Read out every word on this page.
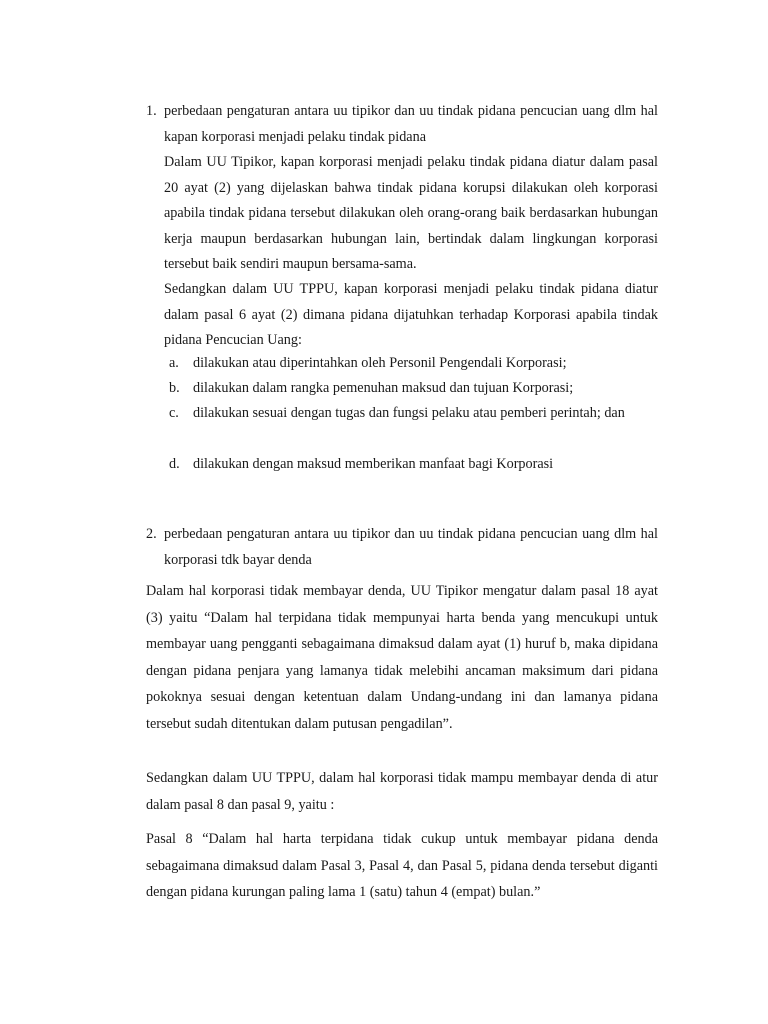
1. perbedaan pengaturan antara uu tipikor dan uu tindak pidana pencucian uang dlm hal kapan korporasi menjadi pelaku tindak pidana
Dalam UU Tipikor, kapan korporasi menjadi pelaku tindak pidana diatur dalam pasal 20 ayat (2) yang dijelaskan bahwa tindak pidana korupsi dilakukan oleh korporasi apabila tindak pidana tersebut dilakukan oleh orang-orang baik berdasarkan hubungan kerja maupun berdasarkan hubungan lain, bertindak dalam lingkungan korporasi tersebut baik sendiri maupun bersama-sama.
Sedangkan dalam UU TPPU, kapan korporasi menjadi pelaku tindak pidana diatur dalam pasal 6 ayat (2) dimana pidana dijatuhkan terhadap Korporasi apabila tindak pidana Pencucian Uang:
a. dilakukan atau diperintahkan oleh Personil Pengendali Korporasi;
b. dilakukan dalam rangka pemenuhan maksud dan tujuan Korporasi;
c. dilakukan sesuai dengan tugas dan fungsi pelaku atau pemberi perintah; dan
d. dilakukan dengan maksud memberikan manfaat bagi Korporasi
2. perbedaan pengaturan antara uu tipikor dan uu tindak pidana pencucian uang dlm hal korporasi tdk bayar denda
Dalam hal korporasi tidak membayar denda, UU Tipikor mengatur dalam pasal 18 ayat (3) yaitu “Dalam hal terpidana tidak mempunyai harta benda yang mencukupi untuk membayar uang pengganti sebagaimana dimaksud dalam ayat (1) huruf b, maka dipidana dengan pidana penjara yang lamanya tidak melebihi ancaman maksimum dari pidana pokoknya sesuai dengan ketentuan dalam Undang-undang ini dan lamanya pidana tersebut sudah ditentukan dalam putusan pengadilan”.
Sedangkan dalam UU TPPU, dalam hal korporasi tidak mampu membayar denda di atur dalam pasal 8 dan pasal 9, yaitu :
Pasal 8 “Dalam hal harta terpidana tidak cukup untuk membayar pidana denda sebagaimana dimaksud dalam Pasal 3, Pasal 4, dan Pasal 5, pidana denda tersebut diganti dengan pidana kurungan paling lama 1 (satu) tahun 4 (empat) bulan.”
